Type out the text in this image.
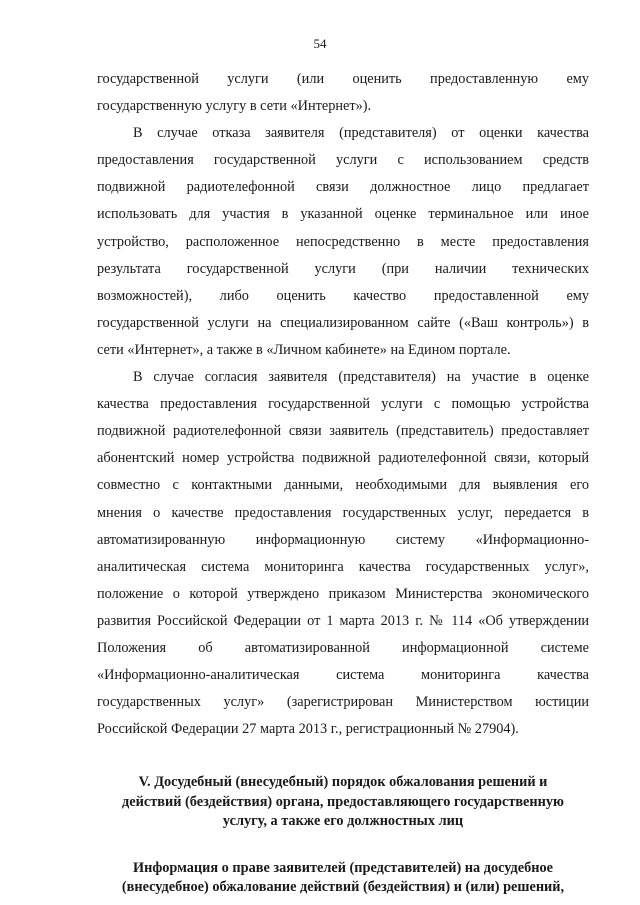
54

государственной услуги (или оценить предоставленную ему
государственную услугу в сети «Интернет»).

В случае отказа заявителя (представителя) от оценки качества
предоставления государственной услуги с использованием средств
подвижной радиотелефонной связи должностное лицо предлагает
использовать для участия в указанной оценке терминальное или иное
устройство, расположенное непосредственно в месте предоставления
результата государственной услуги (при наличии технических
возможностей), либо оценить качество предоставленной ему
государственной услуги на специализированном сайте («Ваш контроль») в
сети «Интернет», а также в «Личном кабинете» на Едином портале.

В случае согласия заявителя (представителя) на участие в оценке
качества предоставления государственной услуги с помощью устройства
подвижной радиотелефонной связи заявитель (представитель) предоставляет
абонентский номер устройства подвижной радиотелефонной связи, который
совместно с контактными данными, необходимыми для выявления его
мнения о качестве предоставления государственных услуг, передается в
автоматизированную информационную систему «Информационно-
аналитическая система мониторинга качества государственных услуг»,
положение о которой утверждено приказом Министерства экономического
развития Российской Федерации от 1 марта 2013 г. № 114 «Об утверждении
Положения об автоматизированной информационной системе
«Информационно-аналитическая система мониторинга качества
государственных услуг» (зарегистрирован Министерством юстиции
Российской Федерации 27 марта 2013 г., регистрационный № 27904).

V. Досудебный (внесудебный) порядок обжалования решений и
действий (бездействия) органа, предоставляющего государственную
услугу, а также его должностных лиц
Информация о праве заявителей (представителей) на досудебное
(внесудебное) обжалование действий (бездействия) и (или) решений,
